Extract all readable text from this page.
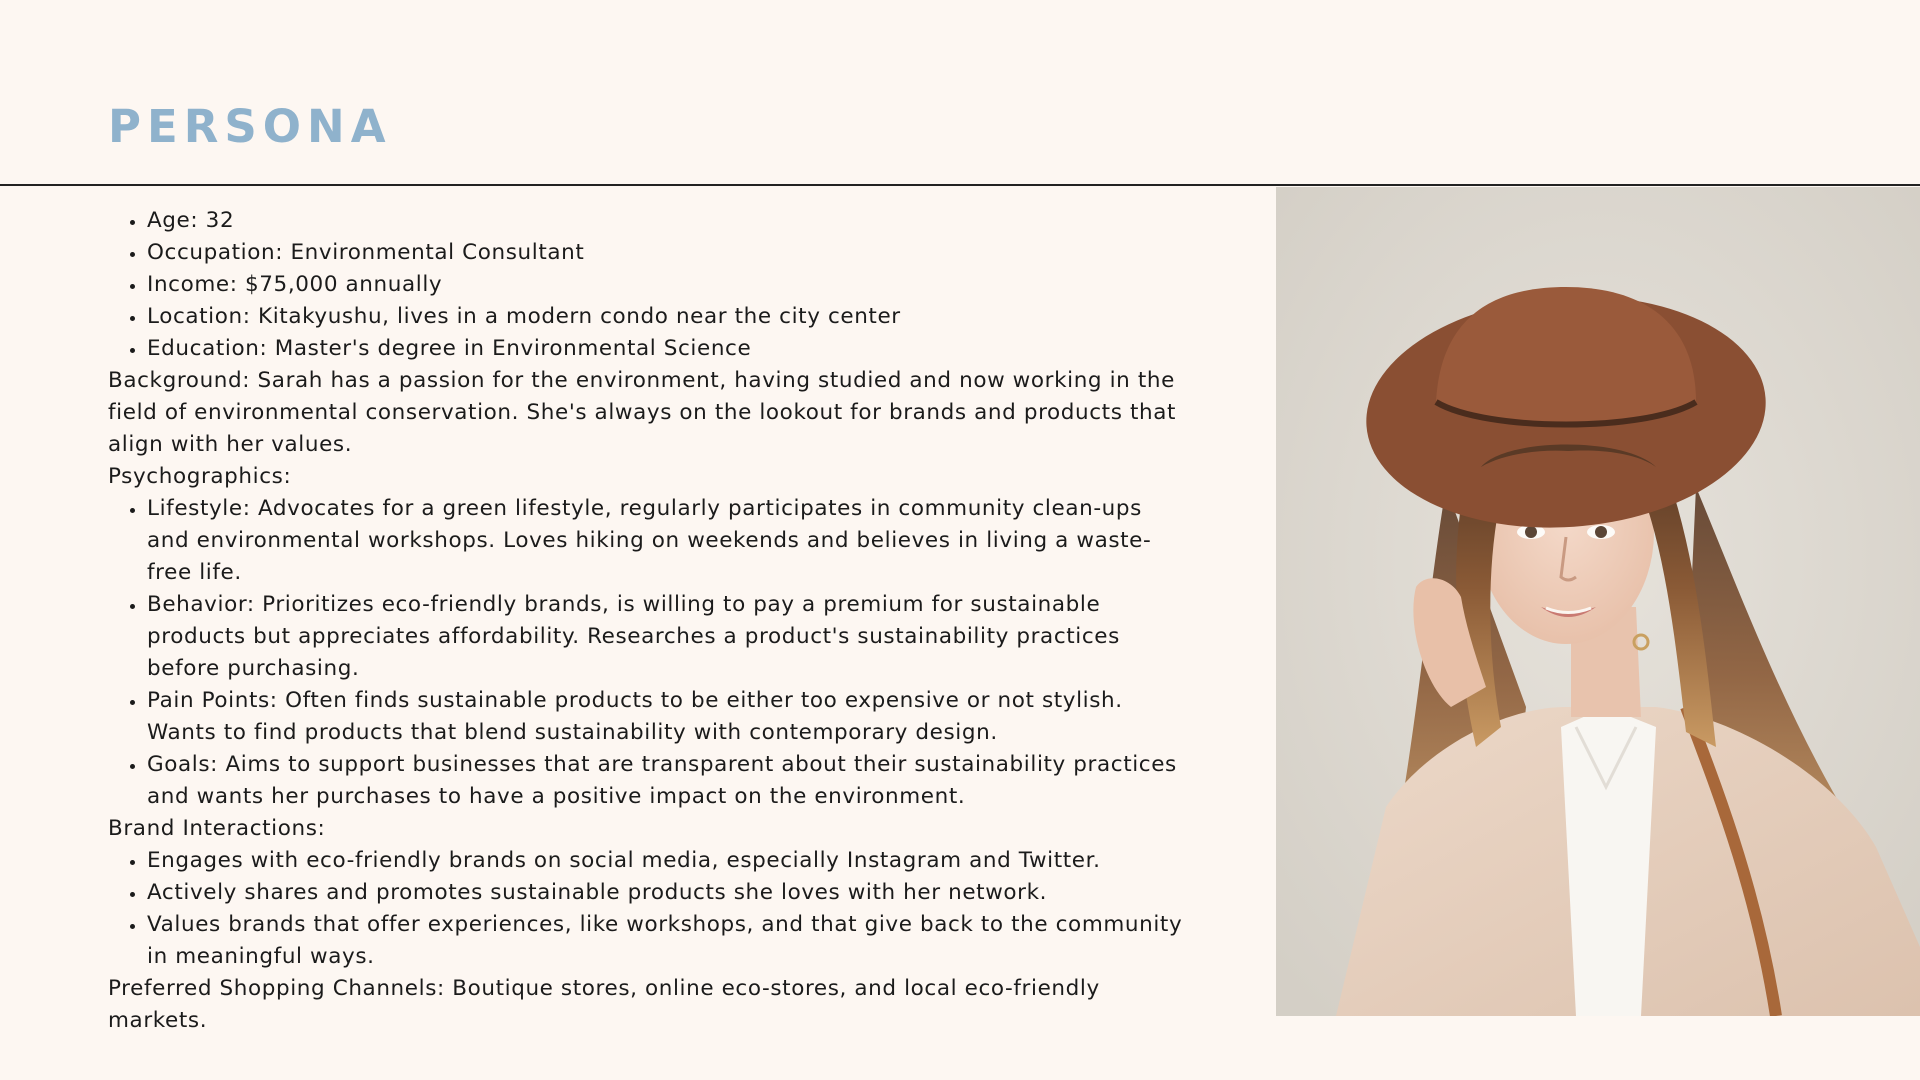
PERSONA
• Age: 32
• Occupation: Environmental Consultant
• Income: $75,000 annually
• Location: Kitakyushu, lives in a modern condo near the city center
• Education: Master's degree in Environmental Science

Background: Sarah has a passion for the environment, having studied and now working in the field of environmental conservation. She's always on the lookout for brands and products that align with her values.

Psychographics:

• Lifestyle: Advocates for a green lifestyle, regularly participates in community clean-ups and environmental workshops. Loves hiking on weekends and believes in living a waste-free life.
• Behavior: Prioritizes eco-friendly brands, is willing to pay a premium for sustainable products but appreciates affordability. Researches a product's sustainability practices before purchasing.
• Pain Points: Often finds sustainable products to be either too expensive or not stylish. Wants to find products that blend sustainability with contemporary design.
• Goals: Aims to support businesses that are transparent about their sustainability practices and wants her purchases to have a positive impact on the environment.

Brand Interactions:

• Engages with eco-friendly brands on social media, especially Instagram and Twitter.
• Actively shares and promotes sustainable products she loves with her network.
• Values brands that offer experiences, like workshops, and that give back to the community in meaningful ways.

Preferred Shopping Channels: Boutique stores, online eco-stores, and local eco-friendly markets.
